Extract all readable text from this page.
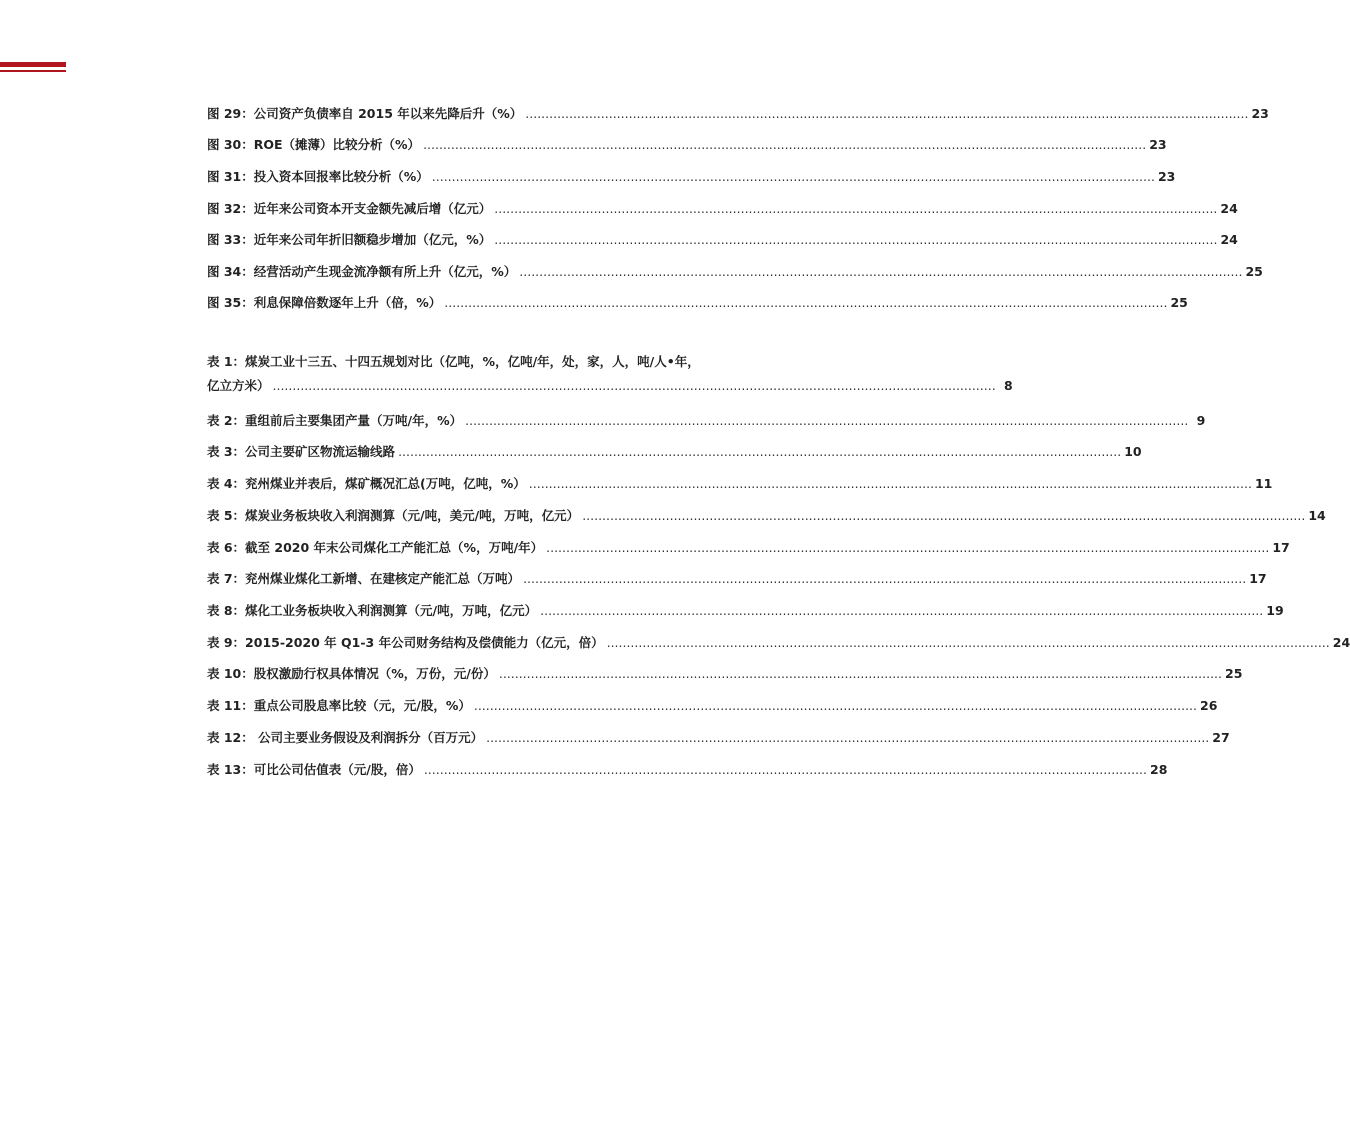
图 29：公司资产负债率自 2015 年以来先降后升（%） ...................................................................................................................................................................................... 23
图 30：ROE（摊薄）比较分析（%） ...................................................................................................................................................................................... 23
图 31：投入资本回报率比较分析（%） ...................................................................................................................................................................................... 23
图 32：近年来公司资本开支金额先减后增（亿元） ...................................................................................................................................................................................... 24
图 33：近年来公司年折旧额稳步增加（亿元，%） ...................................................................................................................................................................................... 24
图 34：经营活动产生现金流净额有所上升（亿元，%） ...................................................................................................................................................................................... 25
图 35：利息保障倍数逐年上升（倍，%） ...................................................................................................................................................................................... 25
表 1：煤炭工业十三五、十四五规划对比（亿吨，%，亿吨/年，处，家，人，吨/人•年，
亿立方米） ...................................................................................................................................................................................... 8
表 2：重组前后主要集团产量（万吨/年，%） ...................................................................................................................................................................................... 9
表 3：公司主要矿区物流运输线路 ...................................................................................................................................................................................... 10
表 4：兖州煤业并表后，煤矿概况汇总(万吨，亿吨，%） ...................................................................................................................................................................................... 11
表 5：煤炭业务板块收入利润测算（元/吨，美元/吨，万吨，亿元） ...................................................................................................................................................................................... 14
表 6：截至 2020 年末公司煤化工产能汇总（%，万吨/年） ...................................................................................................................................................................................... 17
表 7：兖州煤业煤化工新增、在建核定产能汇总（万吨） ...................................................................................................................................................................................... 17
表 8：煤化工业务板块收入利润测算（元/吨，万吨，亿元） ...................................................................................................................................................................................... 19
表 9：2015-2020 年 Q1-3 年公司财务结构及偿债能力（亿元，倍） ...................................................................................................................................................................................... 24
表 10：股权激励行权具体情况（%，万份，元/份） ...................................................................................................................................................................................... 25
表 11：重点公司股息率比较（元，元/股，%） ...................................................................................................................................................................................... 26
表 12： 公司主要业务假设及利润拆分（百万元） ...................................................................................................................................................................................... 27
表 13：可比公司估值表（元/股，倍） ...................................................................................................................................................................................... 28
